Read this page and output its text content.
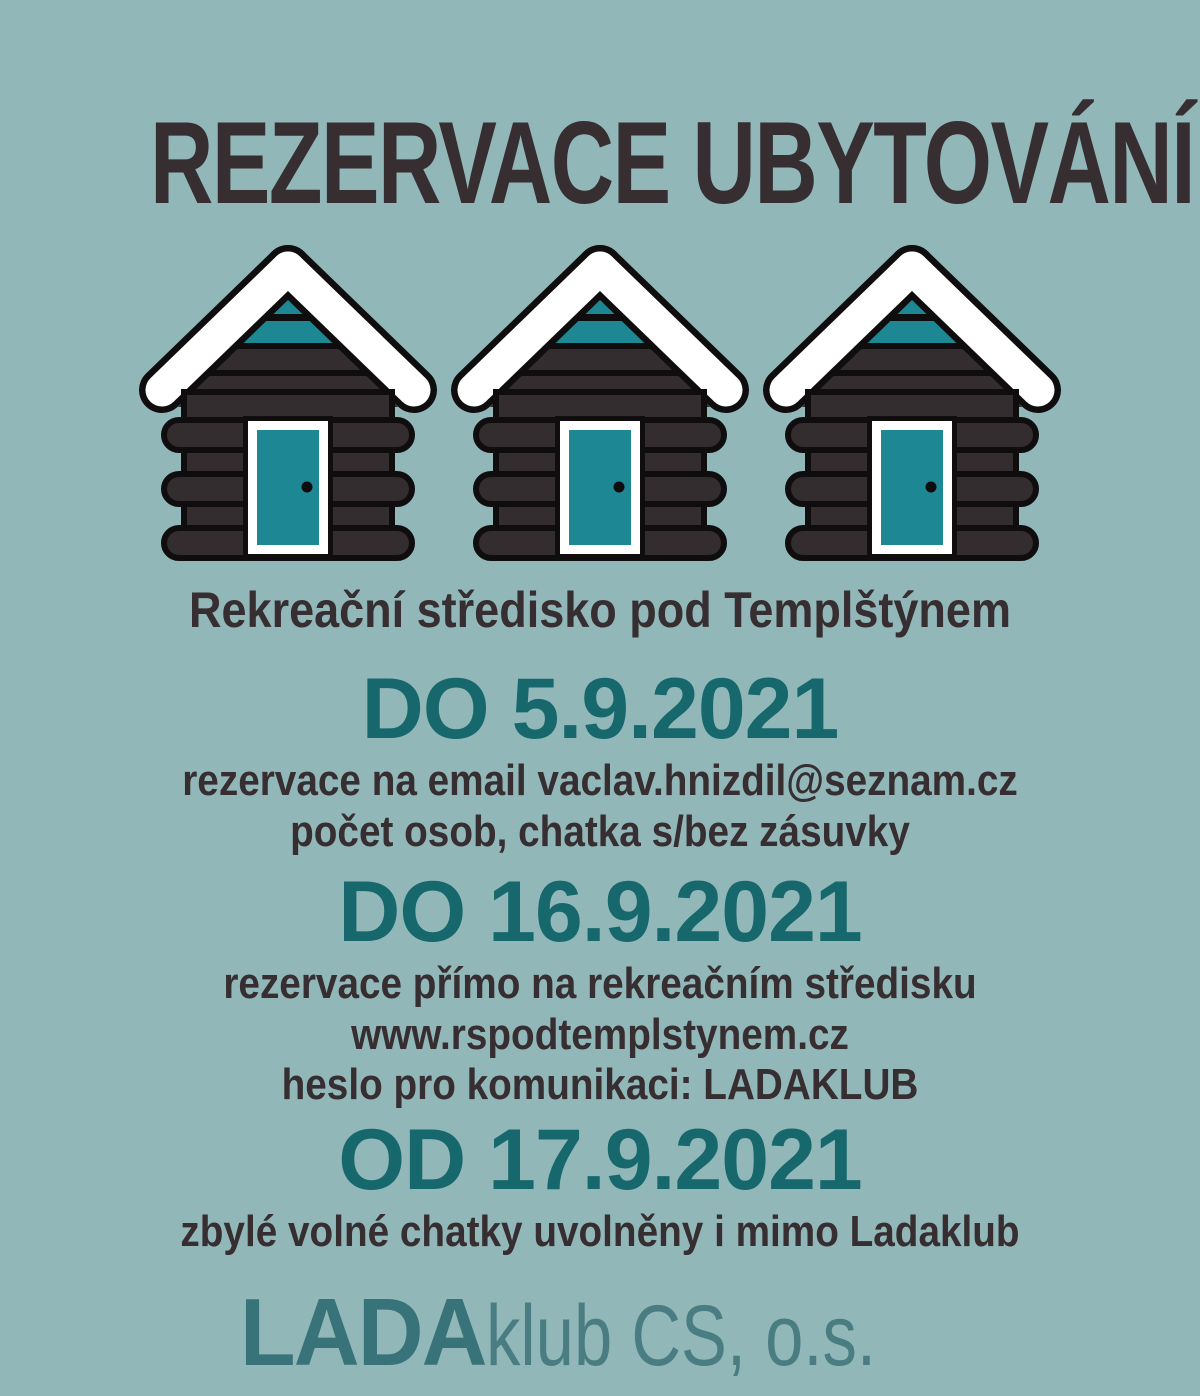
REZERVACE UBYTOVÁNÍ
Rekreační středisko pod Templštýnem
DO 5.9.2021

rezervace na email vaclav.hnizdil@seznam.cz

počet osob, chatka s/bez zásuvky

DO 16.9.2021

rezervace přímo na rekreačním středisku

www.rspodtemplstynem.cz

heslo pro komunikaci: LADAKLUB

OD 17.9.2021

zbylé volné chatky uvolněny i mimo Ladaklub

LADA klub CS, o.s.
